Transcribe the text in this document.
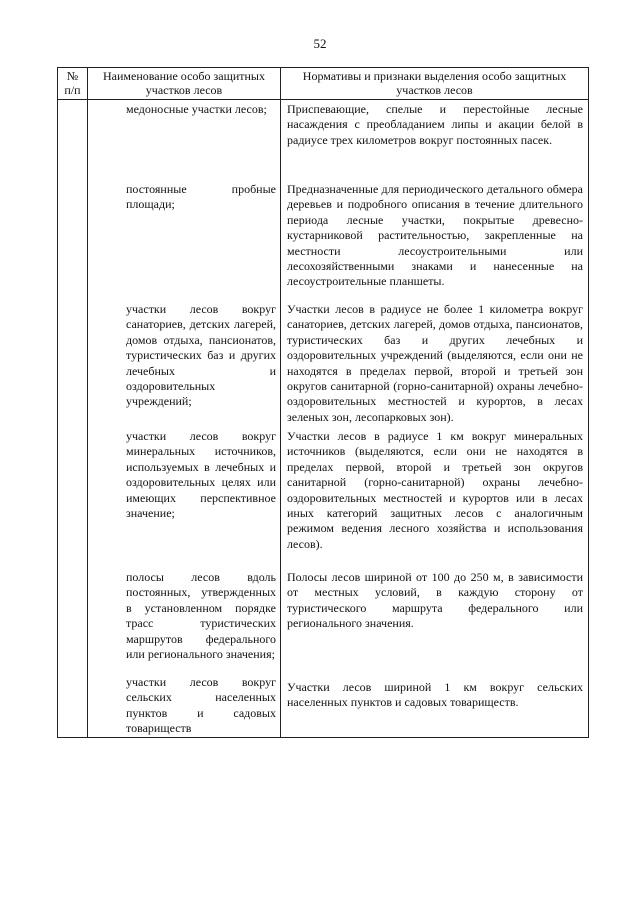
52
№
п/п	Наименование особо защитных участков лесов	Нормативы и признаки выделения особо защитных участков лесов

	медоносные участки лесов;	Приспевающие, спелые и перестойные лесные насаждения с преобладанием липы и акации белой в радиусе трех километров вокруг постоянных пасек.

	постоянные пробные площади;	Предназначенные для периодического детального обмера деревьев и подробного описания в течение длительного периода лесные участки, покрытые древесно-кустарниковой растительностью, закрепленные на местности лесоустроительными или лесохозяйственными знаками и нанесенные на лесоустроительные планшеты.

	участки лесов вокруг санаториев, детских лагерей, домов отдыха, пансионатов, туристических баз и других лечебных и оздоровительных учреждений;	Участки лесов в радиусе не более 1 километра вокруг санаториев, детских лагерей, домов отдыха, пансионатов, туристических баз и других лечебных и оздоровительных учреждений (выделяются, если они не находятся в пределах первой, второй и третьей зон округов санитарной (горно-санитарной) охраны лечебно-оздоровительных местностей и курортов, в лесах зеленых зон, лесопарковых зон).

	участки лесов вокруг минеральных источников, используемых в лечебных и оздоровительных целях или имеющих перспективное значение;	Участки лесов в радиусе 1 км вокруг минеральных источников (выделяются, если они не находятся в пределах первой, второй и третьей зон округов санитарной (горно-санитарной) охраны лечебно-оздоровительных местностей и курортов или в лесах иных категорий защитных лесов с аналогичным режимом ведения лесного хозяйства и использования лесов).

	полосы лесов вдоль постоянных, утвержденных в установленном порядке трасс туристических маршрутов федерального или регионального значения;	Полосы лесов шириной от 100 до 250 м, в зависимости от местных условий, в каждую сторону от туристического маршрута федерального или регионального значения.

	участки лесов вокруг сельских населенных пунктов и садовых товариществ	Участки лесов шириной 1 км вокруг сельских населенных пунктов и садовых товариществ.
